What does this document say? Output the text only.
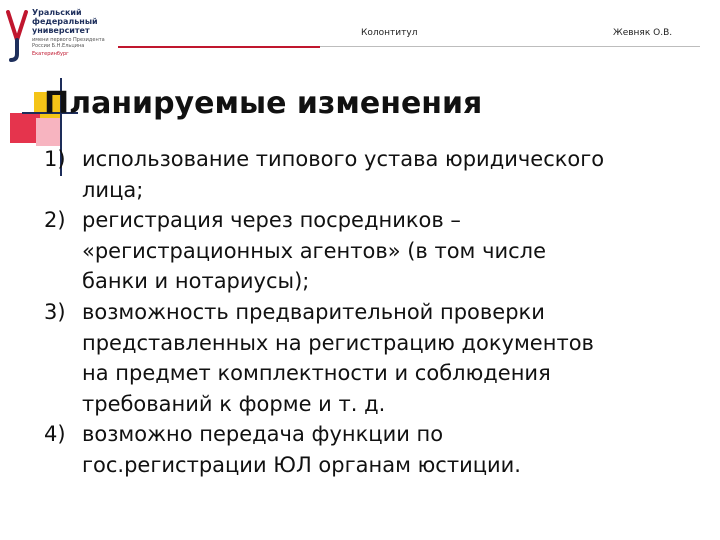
Уральский
федеральный
университет
имени первого Президента
России Б.Н.Ельцина
Екатеринбург
Колонтитул	Жевняк О.В.
Планируемые изменения
1) использование типового устава юридического
лица;
2) регистрация через посредников –
«регистрационных агентов» (в том числе
банки и нотариусы);
3) возможность предварительной проверки
представленных на регистрацию документов
на предмет комплектности и соблюдения
требований к форме и т. д.
4) возможно передача функции по
гос.регистрации ЮЛ органам юстиции.
